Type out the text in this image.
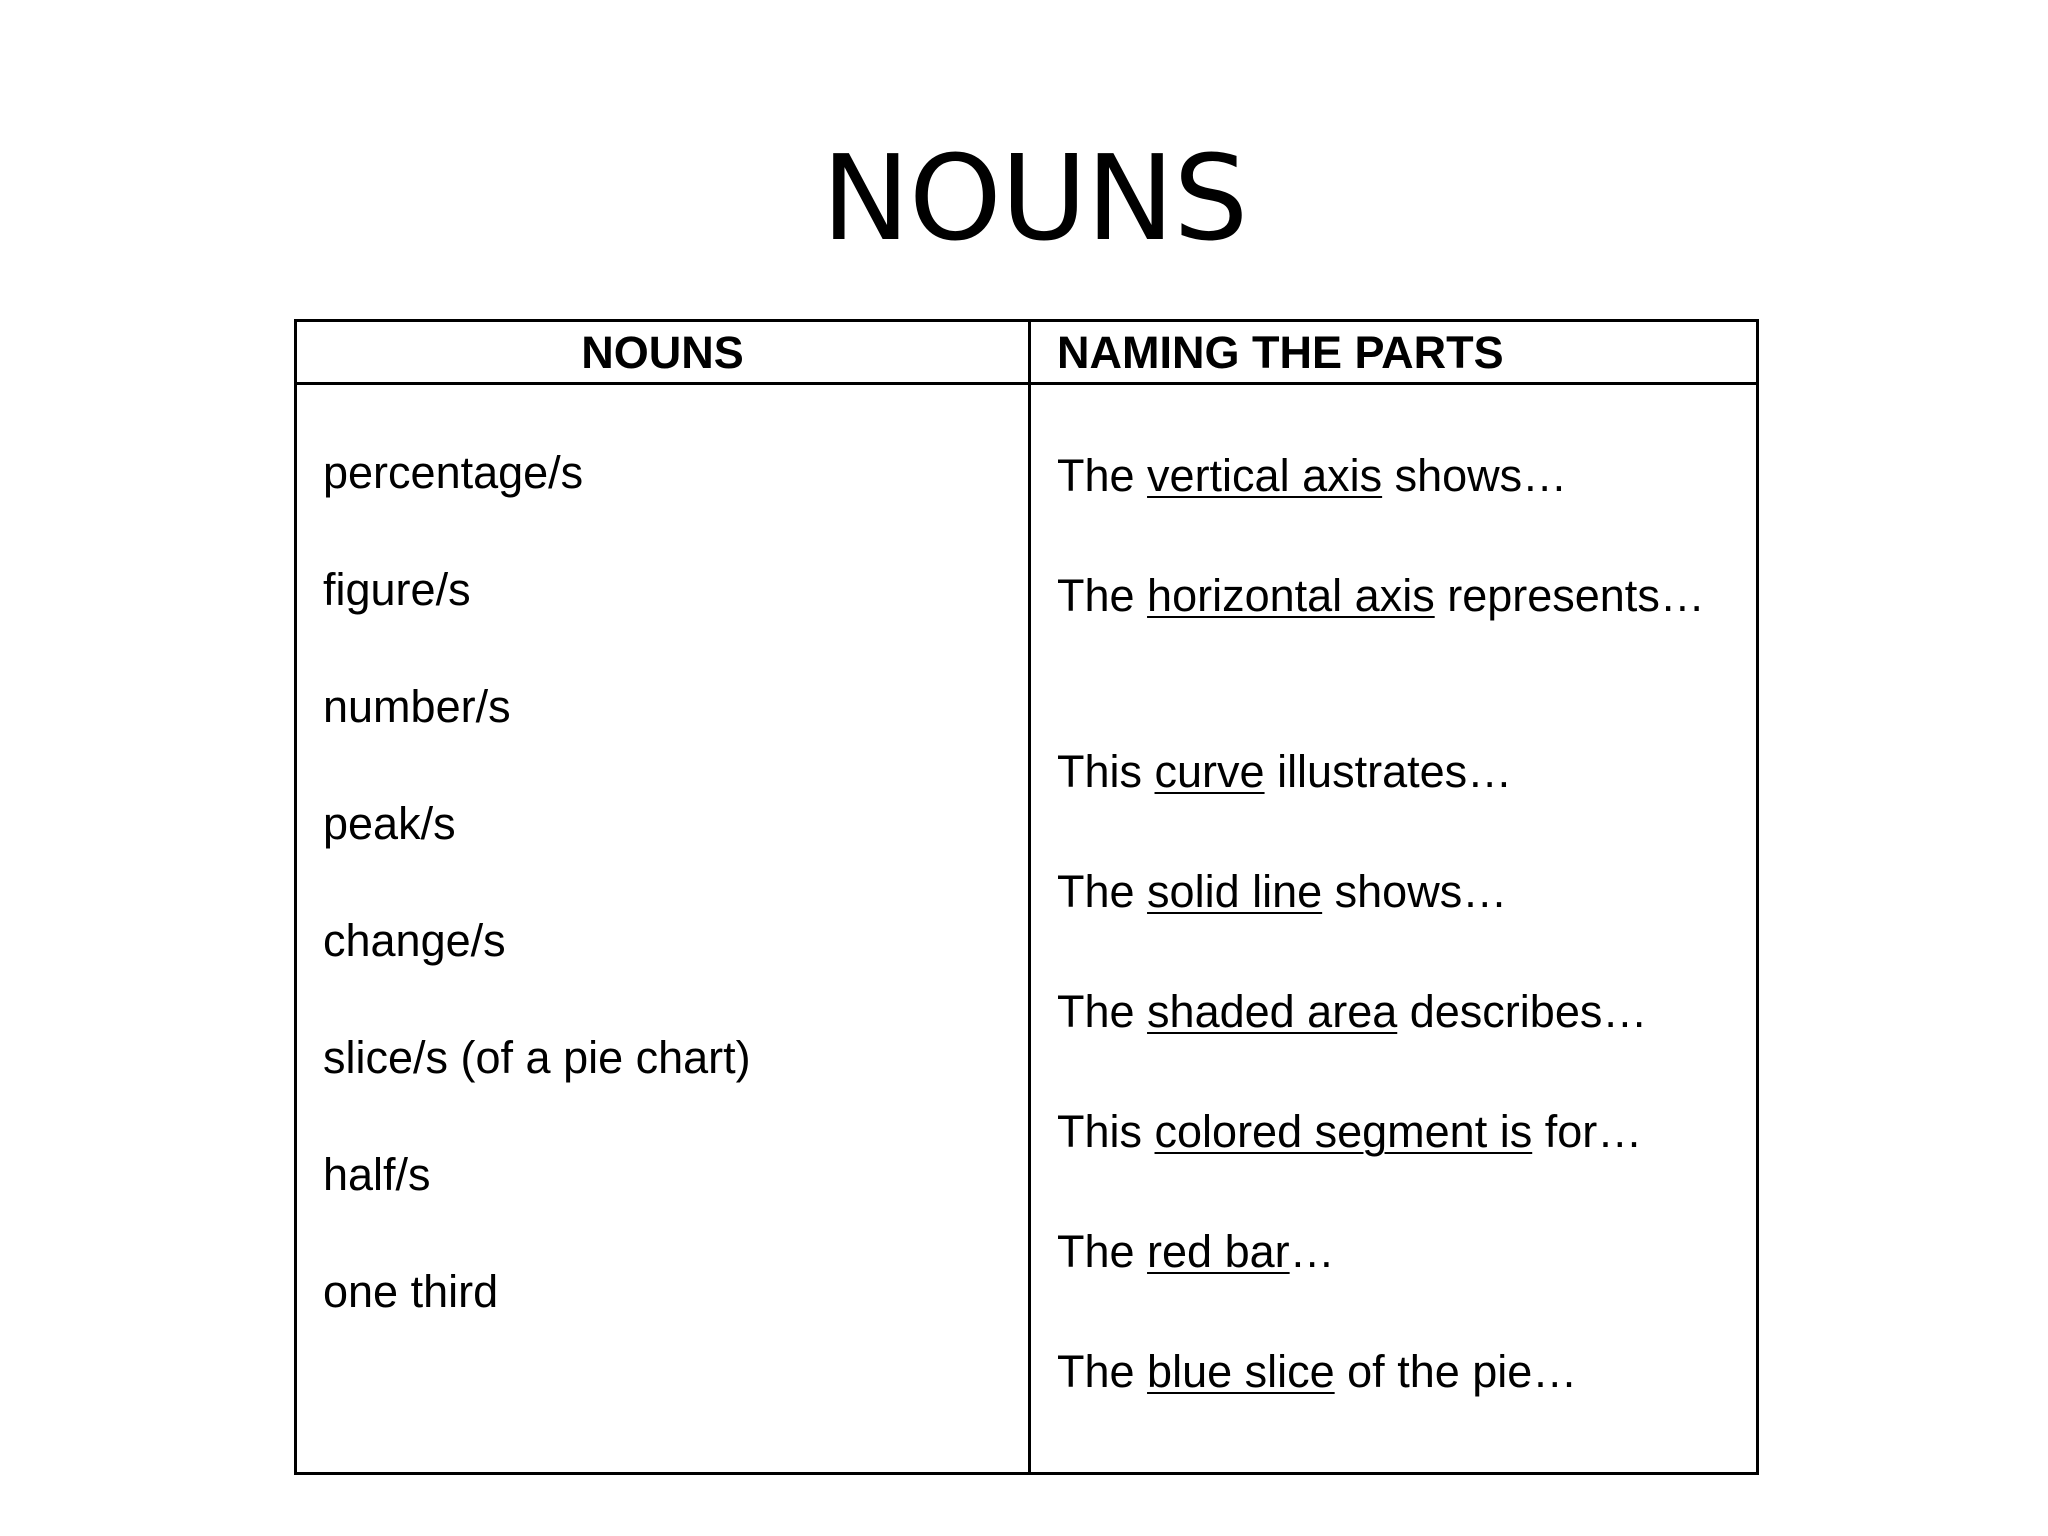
NOUNS
NOUNS	NAMING THE PARTS
percentage/s
figure/s
number/s
peak/s
change/s
slice/s (of a pie chart)
half/s
one third
The vertical axis shows…
The horizontal axis represents…
This curve illustrates…
The solid line shows…
The shaded area describes…
This colored segment is for…
The red bar…
The blue slice of the pie…
